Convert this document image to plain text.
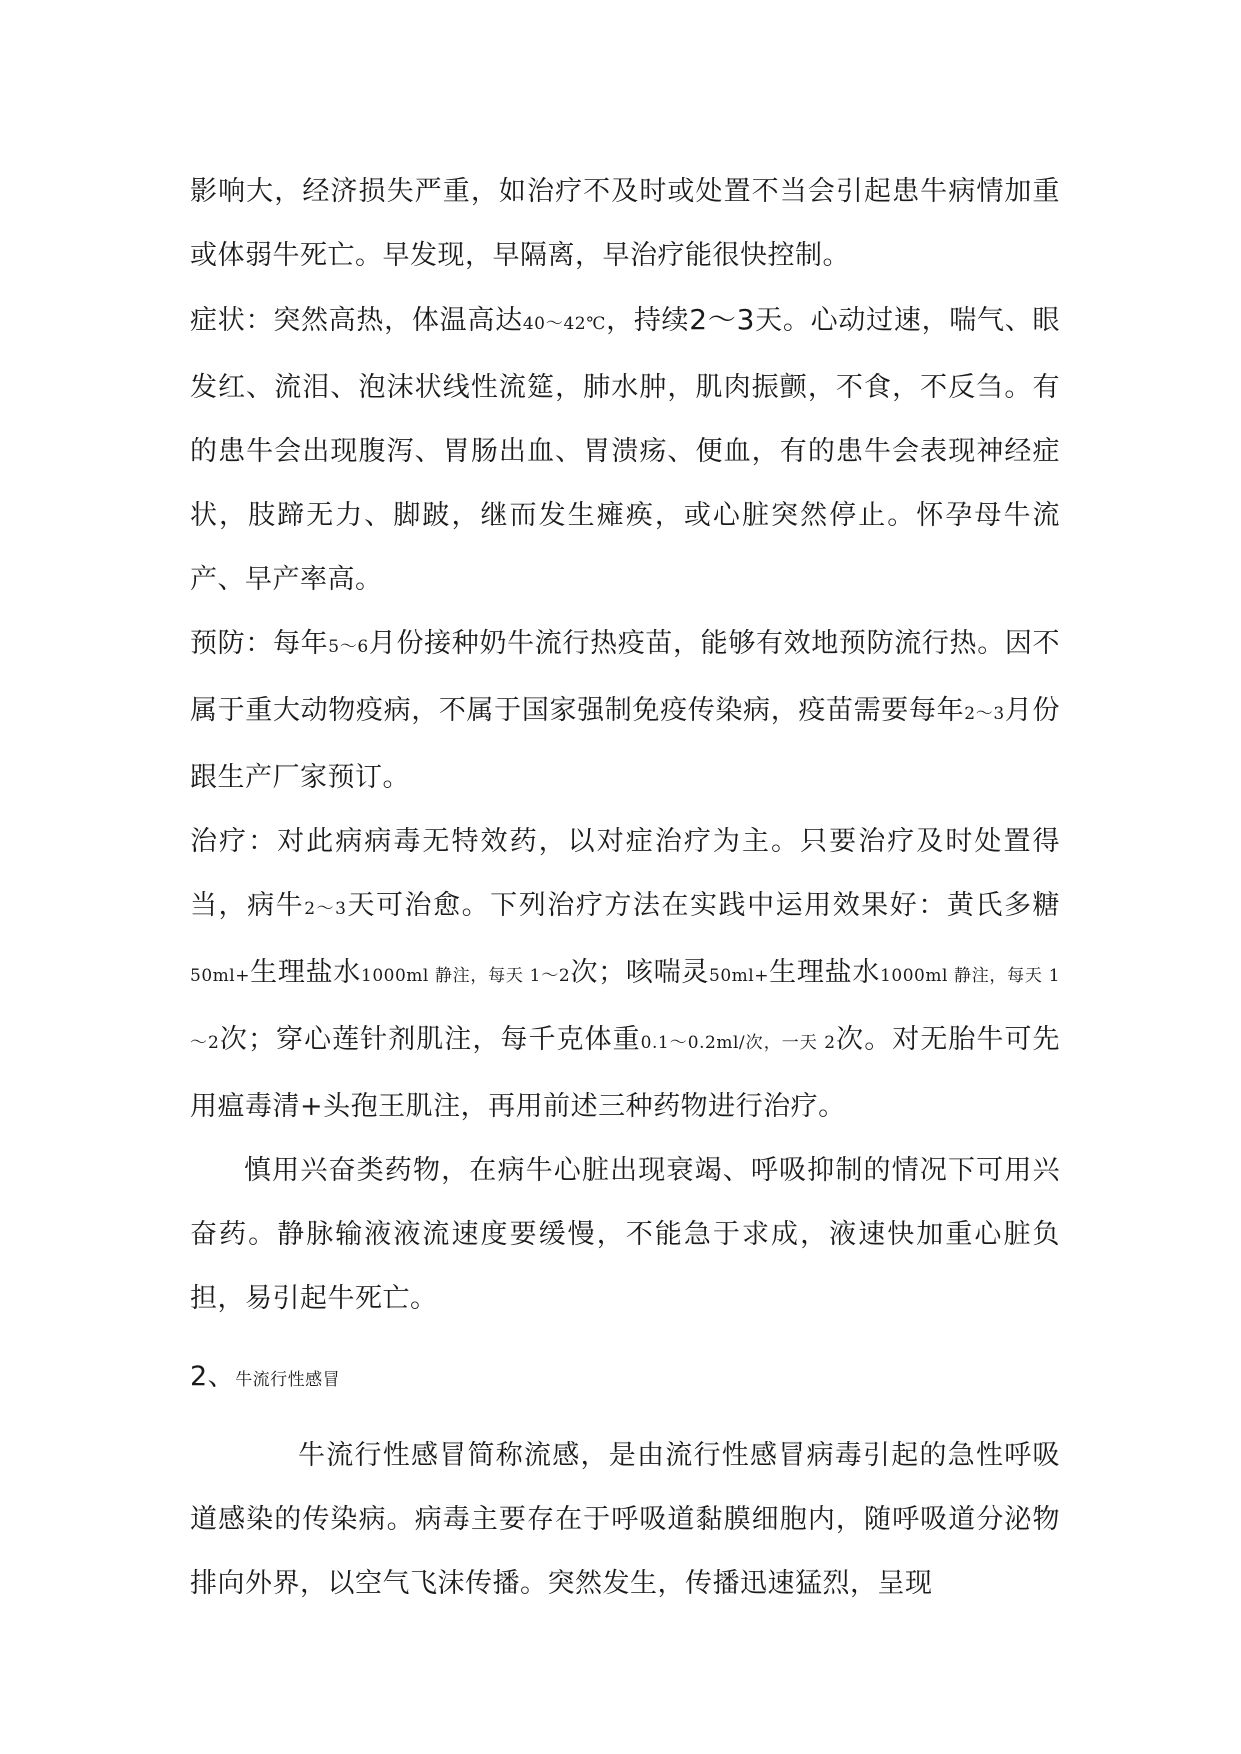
影响大，经济损失严重，如治疗不及时或处置不当会引起患牛病情加重或体弱牛死亡。早发现，早隔离，早治疗能很快控制。

症状：突然高热，体温高达40～42℃，持续2～3天。心动过速，喘气、眼发红、流泪、泡沫状线性流筵，肺水肿，肌肉振颤，不食，不反刍。有的患牛会出现腹泻、胃肠出血、胃溃疡、便血，有的患牛会表现神经症状，肢蹄无力、脚跛，继而发生瘫痪，或心脏突然停止。怀孕母牛流产、早产率高。

预防：每年5～6月份接种奶牛流行热疫苗，能够有效地预防流行热。因不属于重大动物疫病，不属于国家强制免疫传染病，疫苗需要每年2～3月份跟生产厂家预订。

治疗：对此病病毒无特效药，以对症治疗为主。只要治疗及时处置得当，病牛2～3天可治愈。下列治疗方法在实践中运用效果好：黄氏多糖50ml+生理盐水1000ml 静注，每天 1～2次；咳喘灵50ml+生理盐水1000ml 静注，每天 1～2次；穿心莲针剂肌注，每千克体重0.1～0.2ml/次，一天 2次。对无胎牛可先用瘟毒清+头孢王肌注，再用前述三种药物进行治疗。

慎用兴奋类药物，在病牛心脏出现衰竭、呼吸抑制的情况下可用兴奋药。静脉输液液流速度要缓慢，不能急于求成，液速快加重心脏负担，易引起牛死亡。

2、牛流行性感冒

牛流行性感冒简称流感，是由流行性感冒病毒引起的急性呼吸道感染的传染病。病毒主要存在于呼吸道黏膜细胞内，随呼吸道分泌物排向外界，以空气飞沫传播。突然发生，传播迅速猛烈，呈现
